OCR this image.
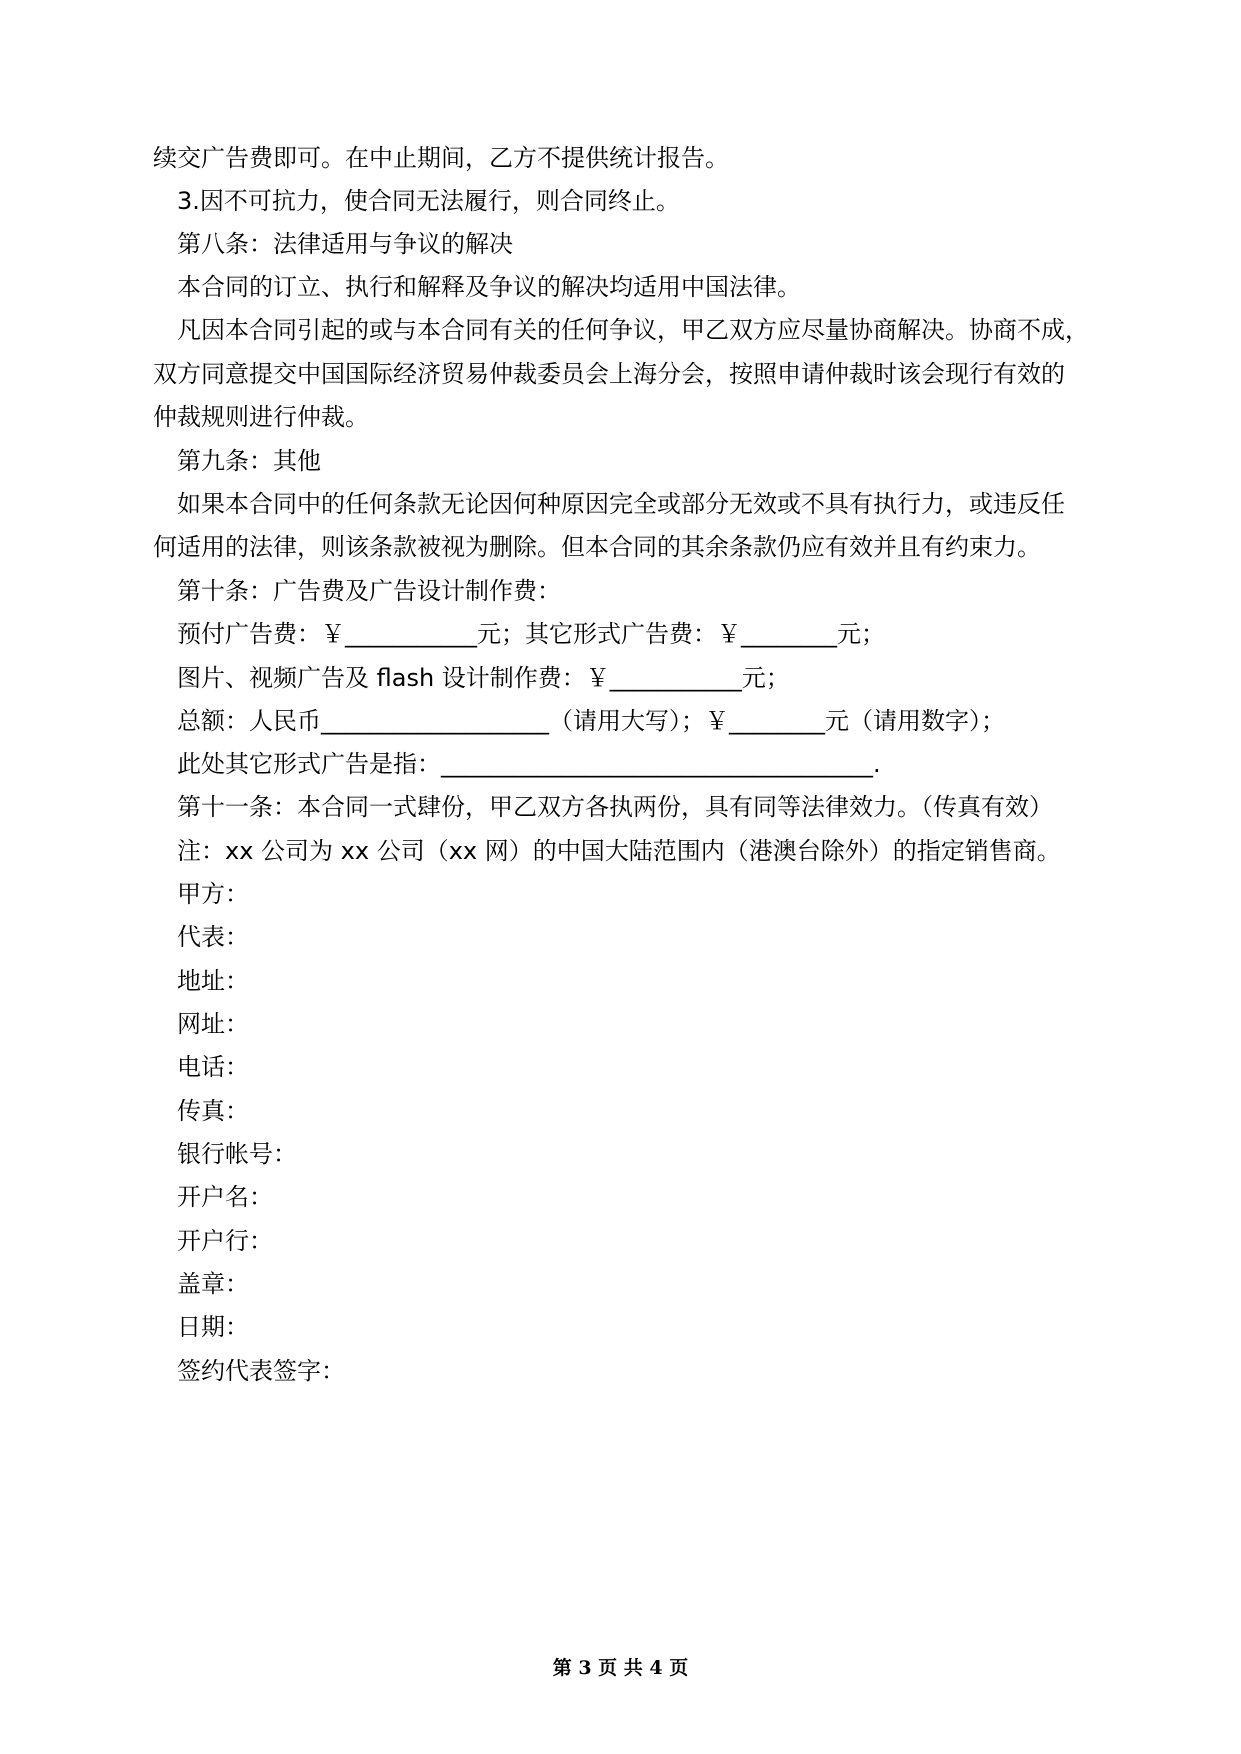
续交广告费即可。在中止期间，乙方不提供统计报告。
3.因不可抗力，使合同无法履行，则合同终止。
第八条：法律适用与争议的解决
本合同的订立、执行和解释及争议的解决均适用中国法律。
凡因本合同引起的或与本合同有关的任何争议，甲乙双方应尽量协商解决。协商不成，
双方同意提交中国国际经济贸易仲裁委员会上海分会，按照申请仲裁时该会现行有效的
仲裁规则进行仲裁。
第九条：其他
如果本合同中的任何条款无论因何种原因完全或部分无效或不具有执行力，或违反任
何适用的法律，则该条款被视为删除。但本合同的其余条款仍应有效并且有约束力。
第十条：广告费及广告设计制作费：
预付广告费：￥___________元；其它形式广告费：￥________元；
图片、视频广告及 flash 设计制作费：￥___________元；
总额：人民币___________________（请用大写）；￥________元（请用数字）；
此处其它形式广告是指：____________________________________.
第十一条：本合同一式肆份，甲乙双方各执两份，具有同等法律效力。（传真有效）
注：xx 公司为 xx 公司（xx 网）的中国大陆范围内（港澳台除外）的指定销售商。
甲方：
代表：
地址：
网址：
电话：
传真：
银行帐号：
开户名：
开户行：
盖章：
日期：
签约代表签字：
第 3 页 共 4 页
